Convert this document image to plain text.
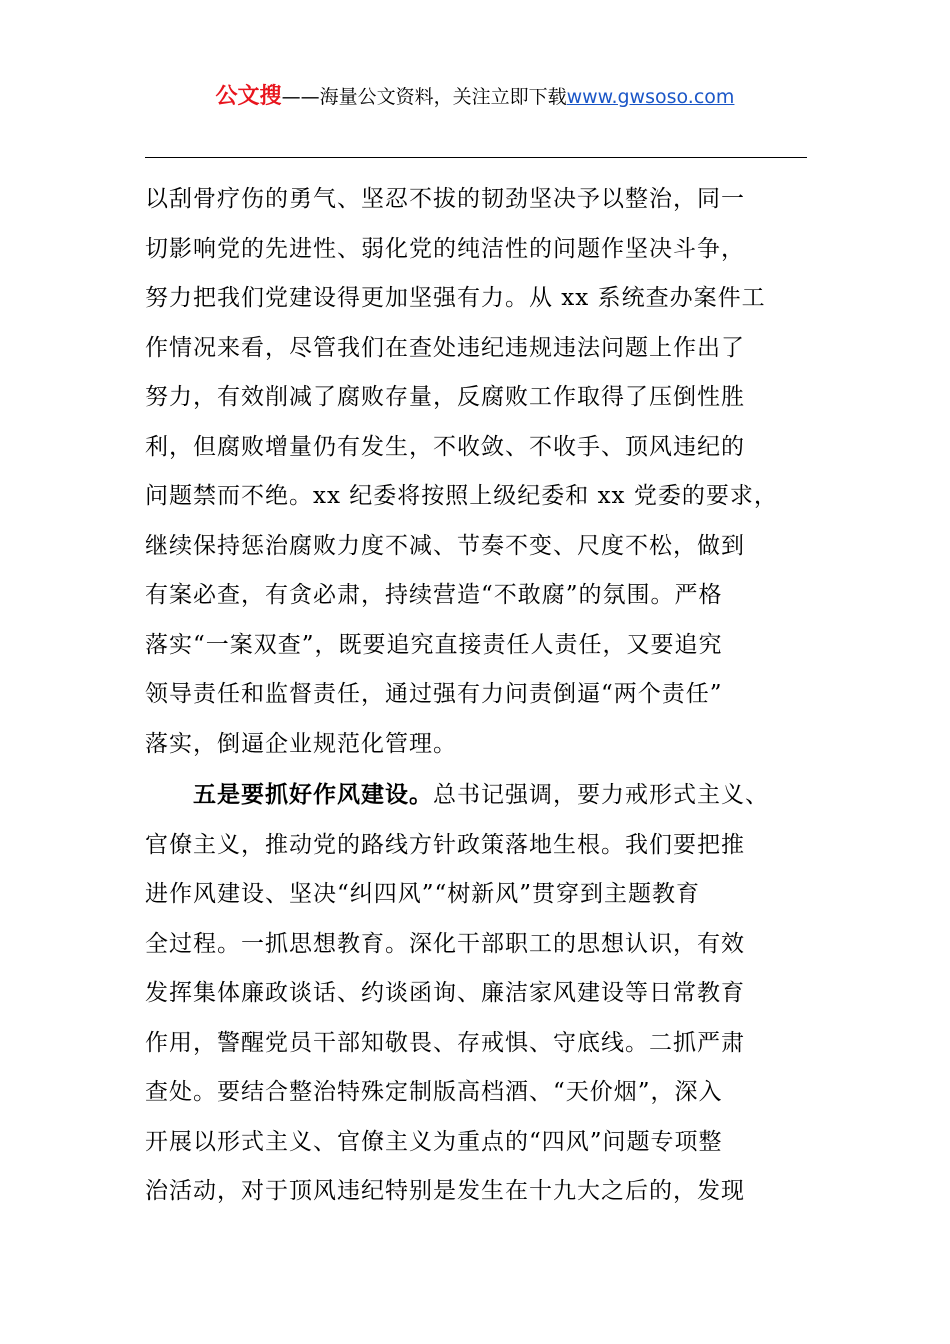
公文搜——海量公文资料，关注立即下载www.gwsoso.com
以刮骨疗伤的勇气、坚忍不拔的韧劲坚决予以整治，同一
切影响党的先进性、弱化党的纯洁性的问题作坚决斗争，
努力把我们党建设得更加坚强有力。从 xx 系统查办案件工
作情况来看，尽管我们在查处违纪违规违法问题上作出了
努力，有效削减了腐败存量，反腐败工作取得了压倒性胜
利，但腐败增量仍有发生，不收敛、不收手、顶风违纪的
问题禁而不绝。xx 纪委将按照上级纪委和 xx 党委的要求，
继续保持惩治腐败力度不减、节奏不变、尺度不松，做到
有案必查，有贪必肃，持续营造“不敢腐”的氛围。严格
落实“一案双查”，既要追究直接责任人责任，又要追究
领导责任和监督责任，通过强有力问责倒逼“两个责任”
落实，倒逼企业规范化管理。
五是要抓好作风建设。总书记强调，要力戒形式主义、
官僚主义，推动党的路线方针政策落地生根。我们要把推
进作风建设、坚决“纠四风”“树新风”贯穿到主题教育
全过程。一抓思想教育。深化干部职工的思想认识，有效
发挥集体廉政谈话、约谈函询、廉洁家风建设等日常教育
作用，警醒党员干部知敬畏、存戒惧、守底线。二抓严肃
查处。要结合整治特殊定制版高档酒、“天价烟”，深入
开展以形式主义、官僚主义为重点的“四风”问题专项整
治活动，对于顶风违纪特别是发生在十九大之后的，发现
